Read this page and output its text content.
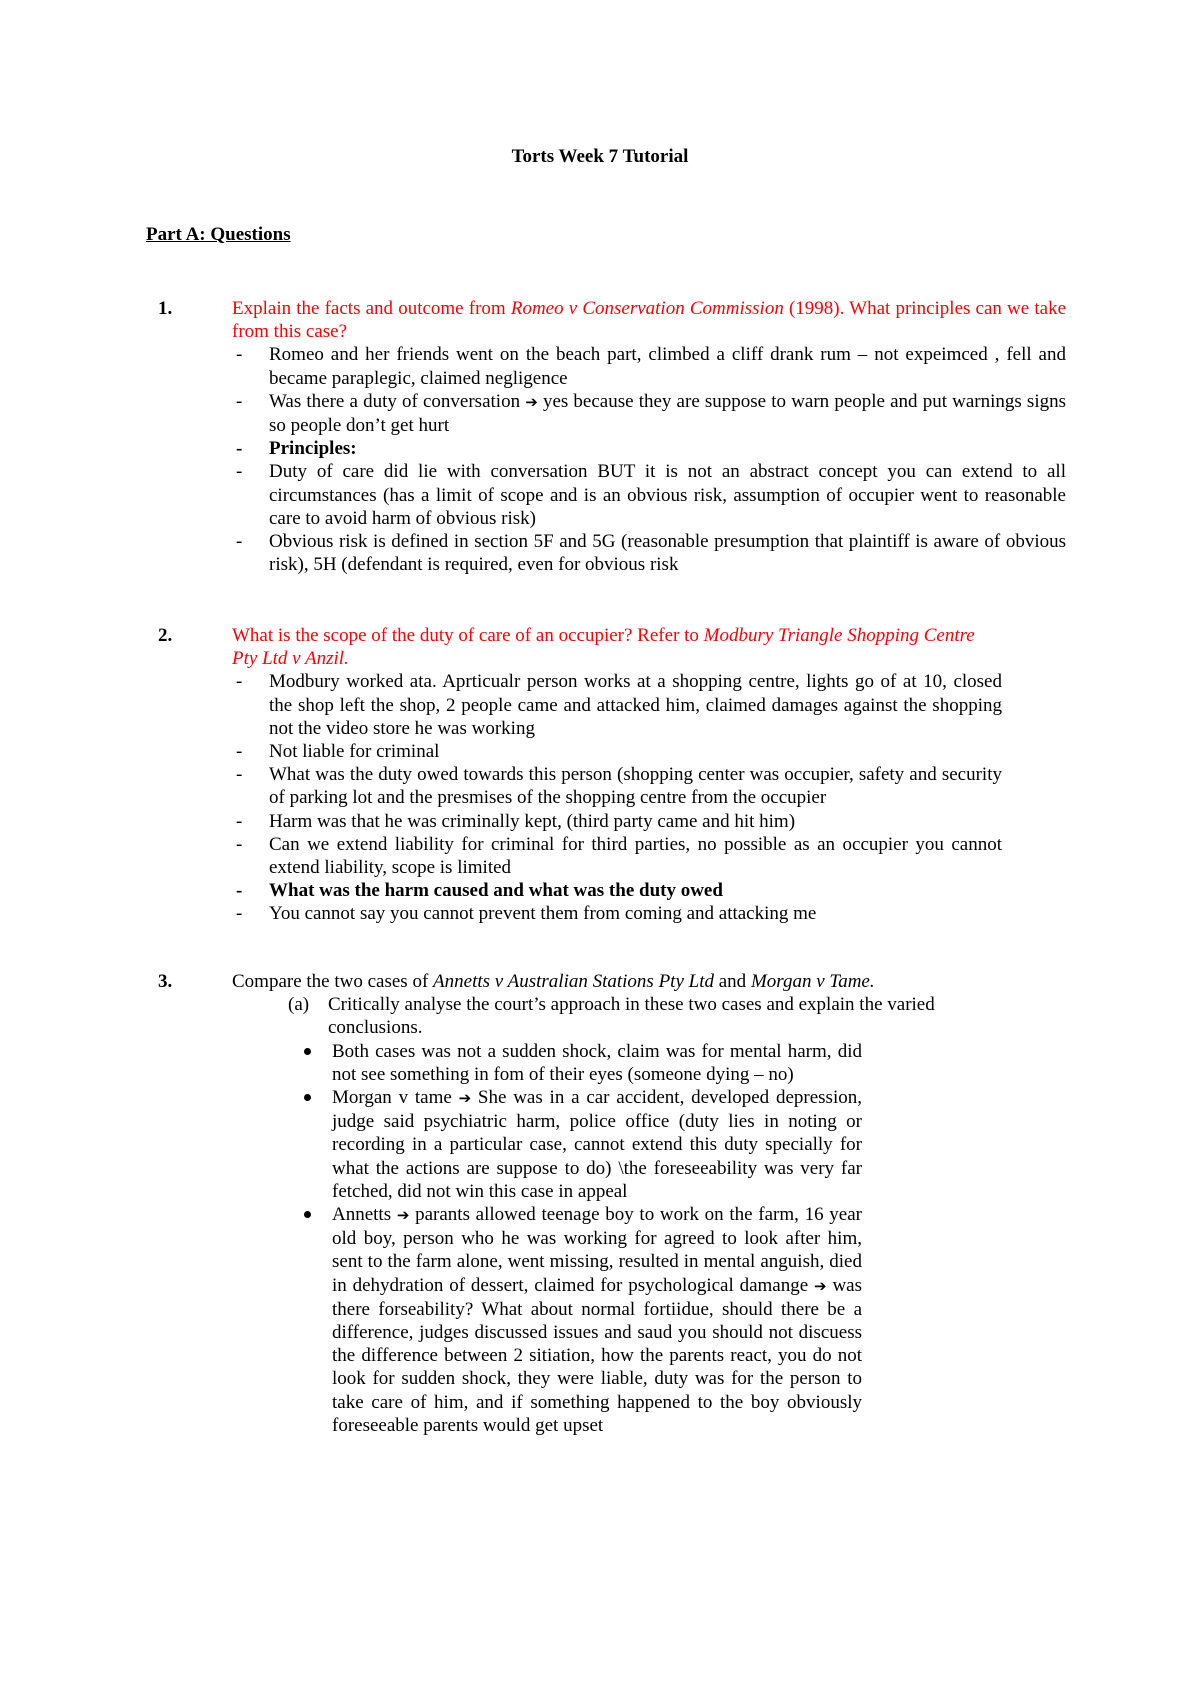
Torts Week 7 Tutorial
Part A: Questions
1.	Explain the facts and outcome from Romeo v Conservation Commission (1998). What principles can we take from this case?
- Romeo and her friends went on the beach part, climbed a cliff drank rum – not expeimced , fell and became paraplegic, claimed negligence
- Was there a duty of conversation ➔ yes because they are suppose to warn people and put warnings signs so people don’t get hurt
- Principles:
- Duty of care did lie with conversation BUT it is not an abstract concept you can extend to all circumstances (has a limit of scope and is an obvious risk, assumption of occupier went to reasonable care to avoid harm of obvious risk)
- Obvious risk is defined in section 5F and 5G (reasonable presumption that plaintiff is aware of obvious risk), 5H (defendant is required, even for obvious risk
2.	What is the scope of the duty of care of an occupier? Refer to Modbury Triangle Shopping Centre Pty Ltd v Anzil.
- Modbury worked ata. Aprticualr person works at a shopping centre, lights go of at 10, closed the shop left the shop, 2 people came and attacked him, claimed damages against the shopping not the video store he was working
- Not liable for criminal
- What was the duty owed towards this person (shopping center was occupier, safety and security of parking lot and the presmises of the shopping centre from the occupier
- Harm was that he was criminally kept, (third party came and hit him)
- Can we extend liability for criminal for third parties, no possible as an occupier you cannot extend liability, scope is limited
- What was the harm caused and what was the duty owed
- You cannot say you cannot prevent them from coming and attacking me
3.	Compare the two cases of Annetts v Australian Stations Pty Ltd and Morgan v Tame.
(a) Critically analyse the court’s approach in these two cases and explain the varied conclusions.
Both cases was not a sudden shock, claim was for mental harm, did not see something in fom of their eyes (someone dying – no)
Morgan v tame ➔ She was in a car accident, developed depression, judge said psychiatric harm, police office (duty lies in noting or recording in a particular case, cannot extend this duty specially for what the actions are suppose to do) \the foreseeability was very far fetched, did not win this case in appeal
Annetts ➔ parants allowed teenage boy to work on the farm, 16 year old boy, person who he was working for agreed to look after him, sent to the farm alone, went missing, resulted in mental anguish, died in dehydration of dessert, claimed for psychological damange ➔ was there forseability? What about normal fortiidue, should there be a difference, judges discussed issues and saud you should not discuess the difference between 2 sitiation, how the parents react, you do not look for sudden shock, they were liable, duty was for the person to take care of him, and if something happened to the boy obviously foreseeable parents would get upset
